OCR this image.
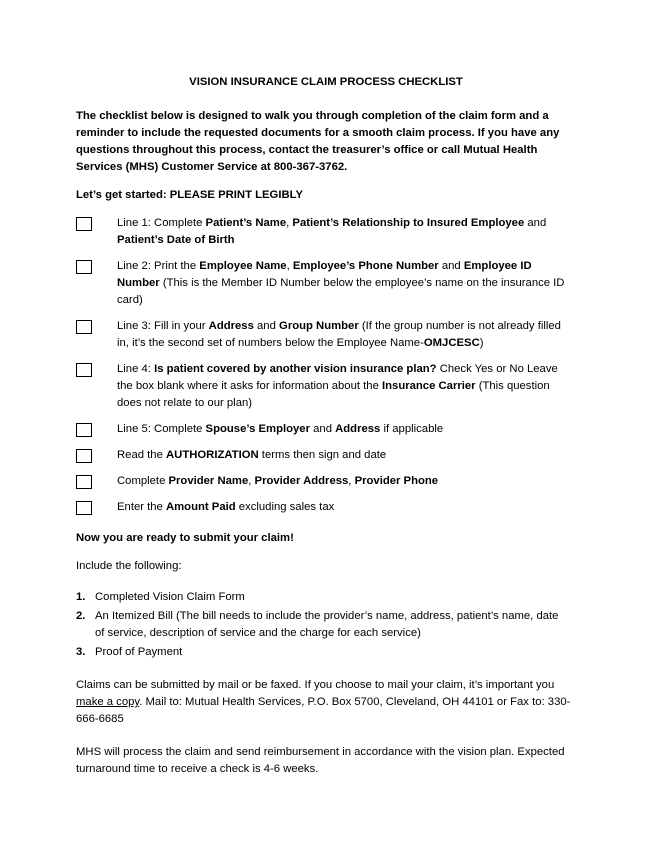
VISION INSURANCE CLAIM PROCESS CHECKLIST

The checklist below is designed to walk you through completion of the claim form and a reminder to include the requested documents for a smooth claim process. If you have any questions throughout this process, contact the treasurer’s office or call Mutual Health Services (MHS) Customer Service at 800-367-3762.

Let’s get started: PLEASE PRINT LEGIBLY

Line 1: Complete Patient’s Name, Patient’s Relationship to Insured Employee and Patient’s Date of Birth
Line 2: Print the Employee Name, Employee’s Phone Number and Employee ID Number (This is the Member ID Number below the employee’s name on the insurance ID card)
Line 3: Fill in your Address and Group Number (If the group number is not already filled in, it’s the second set of numbers below the Employee Name-OMJCESC)
Line 4: Is patient covered by another vision insurance plan? Check Yes or No Leave the box blank where it asks for information about the Insurance Carrier (This question does not relate to our plan)
Line 5: Complete Spouse’s Employer and Address if applicable
Read the AUTHORIZATION terms then sign and date
Complete Provider Name, Provider Address, Provider Phone
Enter the Amount Paid excluding sales tax

Now you are ready to submit your claim!

Include the following:

1. Completed Vision Claim Form
2. An Itemized Bill (The bill needs to include the provider’s name, address, patient’s name, date of service, description of service and the charge for each service)
3. Proof of Payment

Claims can be submitted by mail or be faxed. If you choose to mail your claim, it’s important you make a copy. Mail to: Mutual Health Services, P.O. Box 5700, Cleveland, OH 44101 or Fax to: 330-666-6685

MHS will process the claim and send reimbursement in accordance with the vision plan. Expected turnaround time to receive a check is 4-6 weeks.
